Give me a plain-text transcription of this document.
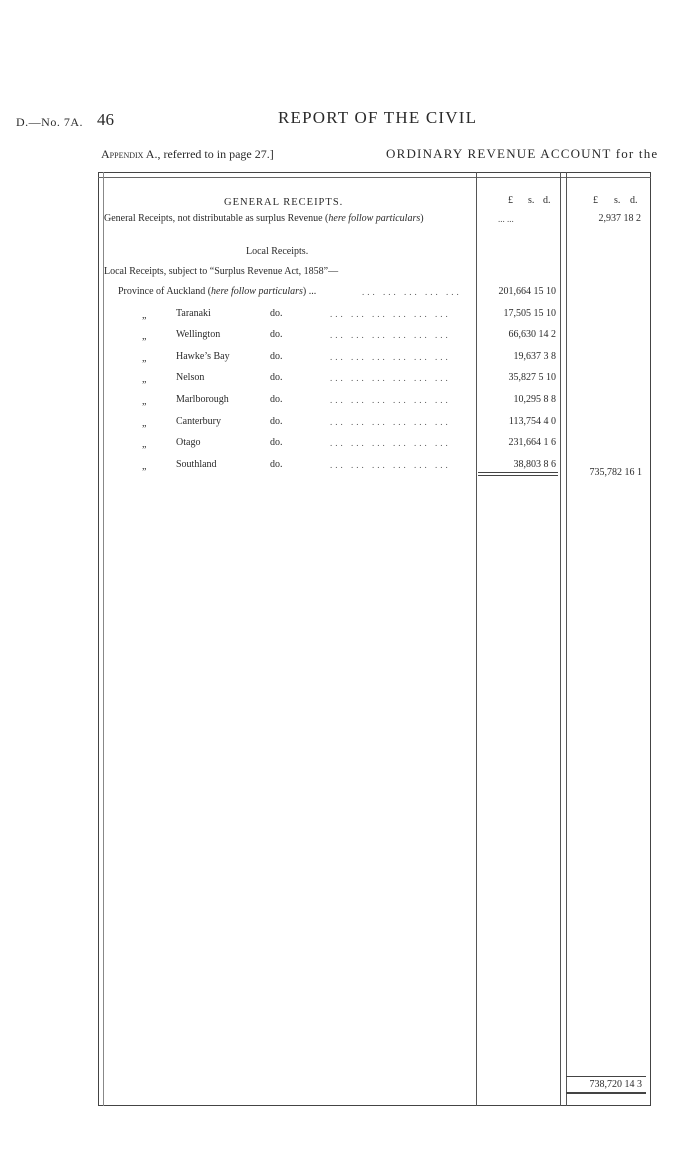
D.—No. 7A. 46	REPORT OF THE CIVIL
Appendix A., referred to in page 27.]	ORDINARY REVENUE ACCOUNT for the
£ s. d.	£ s. d.
GENERAL RECEIPTS.
General Receipts, not distributable as surplus Revenue (here follow particulars)	... ...	2,937 18 2
Local Receipts.
Local Receipts, subject to “Surplus Revenue Act, 1858”—
Province of Auckland (here follow particulars) ...	... ... ... ... ...	201,664 15 10
„	Taranaki	do.	... ... ... ... ... ...	17,505 15 10
„	Wellington	do.	... ... ... ... ... ...	66,630 14 2
„	Hawke’s Bay	do.	... ... ... ... ... ...	19,637 3 8
„	Nelson	do.	... ... ... ... ... ...	35,827 5 10
„	Marlborough	do.	... ... ... ... ... ...	10,295 8 8
„	Canterbury	do.	... ... ... ... ... ...	113,754 4 0
„	Otago	do.	... ... ... ... ... ...	231,664 1 6
„	Southland	do.	... ... ... ... ... ...	38,803 8 6
735,782 16 1
738,720 14 3
